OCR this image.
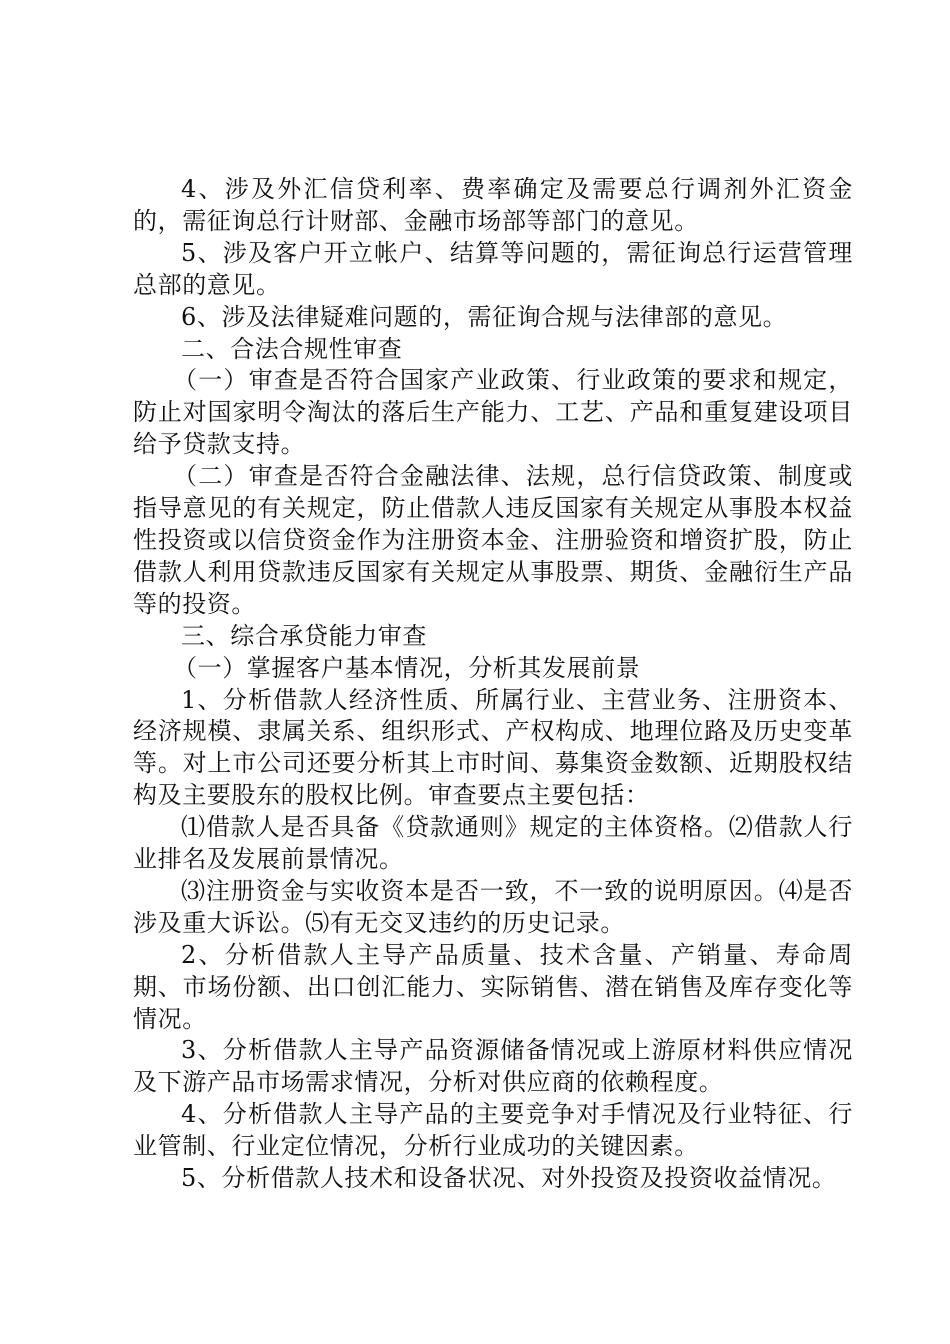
4、涉及外汇信贷利率、费率确定及需要总行调剂外汇资金的，需征询总行计财部、金融市场部等部门的意见。

5、涉及客户开立帐户、结算等问题的，需征询总行运营管理总部的意见。

6、涉及法律疑难问题的，需征询合规与法律部的意见。

二、合法合规性审查

（一）审查是否符合国家产业政策、行业政策的要求和规定，防止对国家明令淘汰的落后生产能力、工艺、产品和重复建设项目给予贷款支持。

（二）审查是否符合金融法律、法规，总行信贷政策、制度或指导意见的有关规定，防止借款人违反国家有关规定从事股本权益性投资或以信贷资金作为注册资本金、注册验资和增资扩股，防止借款人利用贷款违反国家有关规定从事股票、期货、金融衍生产品等的投资。

三、综合承贷能力审查

（一）掌握客户基本情况，分析其发展前景

1、分析借款人经济性质、所属行业、主营业务、注册资本、经济规模、隶属关系、组织形式、产权构成、地理位路及历史变革等。对上市公司还要分析其上市时间、募集资金数额、近期股权结构及主要股东的股权比例。审查要点主要包括：

⑴借款人是否具备《贷款通则》规定的主体资格。⑵借款人行业排名及发展前景情况。

⑶注册资金与实收资本是否一致，不一致的说明原因。⑷是否涉及重大诉讼。⑸有无交叉违约的历史记录。

2、分析借款人主导产品质量、技术含量、产销量、寿命周期、市场份额、出口创汇能力、实际销售、潜在销售及库存变化等情况。

3、分析借款人主导产品资源储备情况或上游原材料供应情况及下游产品市场需求情况，分析对供应商的依赖程度。

4、分析借款人主导产品的主要竞争对手情况及行业特征、行业管制、行业定位情况，分析行业成功的关键因素。

5、分析借款人技术和设备状况、对外投资及投资收益情况。
